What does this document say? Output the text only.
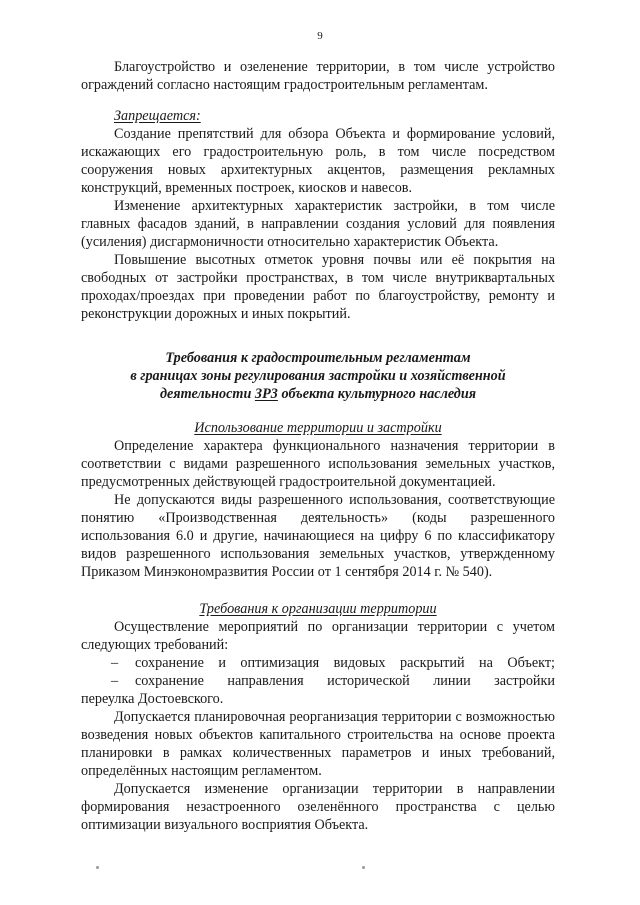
9

Благоустройство и озеленение территории, в том числе устройство ограждений согласно настоящим градостроительным регламентам.

Запрещается:

Создание препятствий для обзора Объекта и формирование условий, искажающих его градостроительную роль, в том числе посредством сооружения новых архитектурных акцентов, размещения рекламных конструкций, временных построек, киосков и навесов.

Изменение архитектурных характеристик застройки, в том числе главных фасадов зданий, в направлении создания условий для появления (усиления) дисгармоничности относительно характеристик Объекта.

Повышение высотных отметок уровня почвы или её покрытия на свободных от застройки пространствах, в том числе внутриквартальных проходах/проездах при проведении работ по благоустройству, ремонту и реконструкции дорожных и иных покрытий.

Требования к градостроительным регламентам
в границах зоны регулирования застройки и хозяйственной
деятельности ЗР3 объекта культурного наследия
Использование территории и застройки

Определение характера функционального назначения территории в соответствии с видами разрешенного использования земельных участков, предусмотренных действующей градостроительной документацией.

Не допускаются виды разрешенного использования, соответствующие понятию «Производственная деятельность» (коды разрешенного использования 6.0 и другие, начинающиеся на цифру 6 по классификатору видов разрешенного использования земельных участков, утвержденному Приказом Минэкономразвития России от 1 сентября 2014 г. № 540).

Требования к организации территории

Осуществление мероприятий по организации территории с учетом следующих требований:

–	сохранение и оптимизация видовых раскрытий на Объект;
–	сохранение направления исторической линии застройки

переулка Достоевского.

Допускается планировочная реорганизация территории с возможностью возведения новых объектов капитального строительства на основе проекта планировки в рамках количественных параметров и иных требований, определённых настоящим регламентом.

Допускается изменение организации территории в направлении формирования незастроенного озеленённого пространства с целью оптимизации визуального восприятия Объекта.
